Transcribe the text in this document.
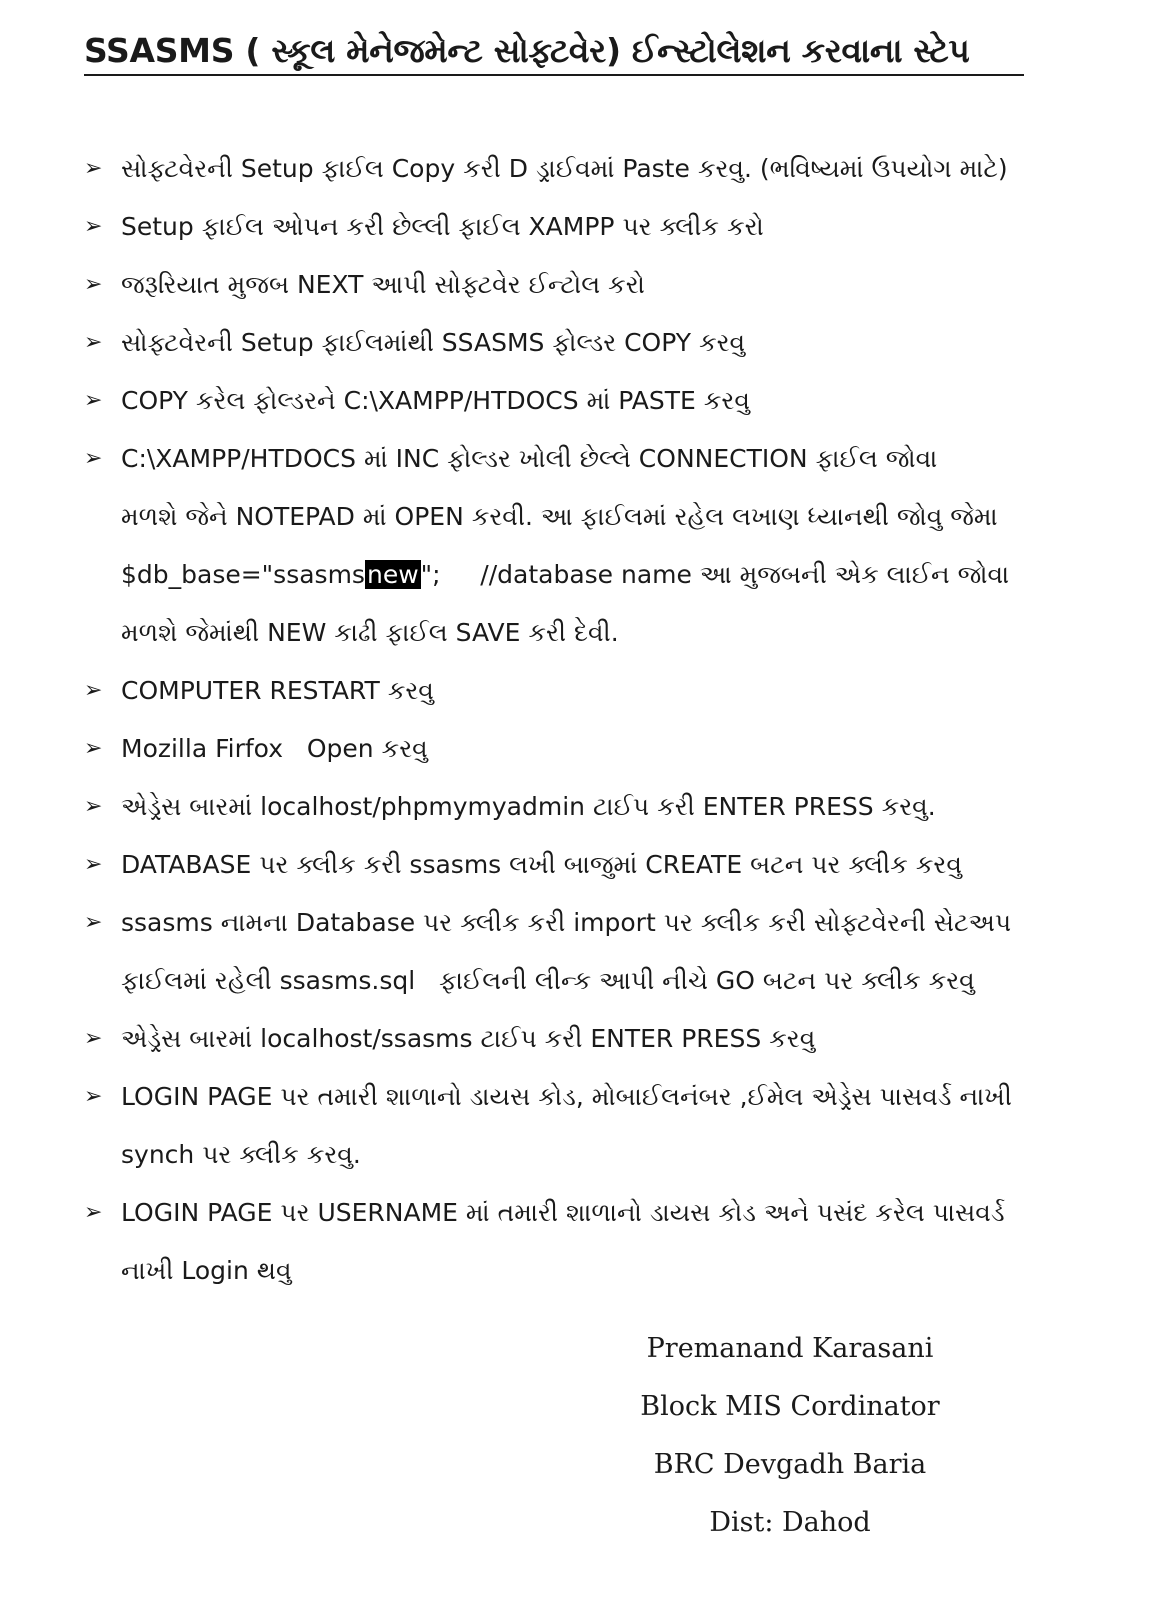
SSASMS ( સ્કૂલ મેનેજમેન્ટ સોફ્ટવેર) ઈન્સ્ટોલેશન કરવાના સ્ટેપ
➢ સોફ્ટવેરની Setup ફાઈલ Copy કરી D ડ્રાઈવમાં Paste કરવુ. (ભવિષ્યમાં ઉપયોગ માટે)
➢ Setup ફાઈલ ઓપન કરી છેલ્લી ફાઈલ XAMPP પર ક્લીક કરો
➢ જરૂરિયાત મુજબ NEXT આપી સોફ્ટવેર ઈન્ટોલ કરો
➢ સોફ્ટવેરની Setup ફાઈલમાંથી SSASMS ફોલ્ડર COPY કરવુ
➢ COPY કરેલ ફોલ્ડરને C:\XAMPP/HTDOCS માં PASTE કરવુ
➢ C:\XAMPP/HTDOCS માં INC ફોલ્ડર ખોલી છેલ્લે CONNECTION ફાઈલ જોવા
મળશે જેને NOTEPAD માં OPEN કરવી. આ ફાઈલમાં રહેલ લખાણ ધ્યાનથી જોવુ જેમા
$db_base="ssasmsnew";     //database name આ મુજબની એક લાઈન જોવા
મળશે જેમાંથી NEW કાઢી ફાઈલ SAVE કરી દેવી.
➢ COMPUTER RESTART કરવુ
➢ Mozilla Firfox   Open કરવુ
➢ એડ્રેસ બારમાં localhost/phpmymyadmin ટાઈપ કરી ENTER PRESS કરવુ.
➢ DATABASE પર ક્લીક કરી ssasms લખી બાજુમાં CREATE બટન પર ક્લીક કરવુ
➢ ssasms નામના Database પર ક્લીક કરી import પર ક્લીક કરી સોફ્ટવેરની સેટઅપ
ફાઈલમાં રહેલી ssasms.sql   ફાઈલની લીન્ક આપી નીચે GO બટન પર ક્લીક કરવુ
➢ એડ્રેસ બારમાં localhost/ssasms ટાઈપ કરી ENTER PRESS કરવુ
➢ LOGIN PAGE પર તમારી શાળાનો ડાયસ કોડ, મોબાઈલનંબર ,ઈમેલ એડ્રેસ પાસવર્ડ નાખી
synch પર ક્લીક કરવુ.
➢ LOGIN PAGE પર USERNAME માં તમારી શાળાનો ડાયસ કોડ અને પસંદ કરેલ પાસવર્ડ
નાખી Login થવુ
Premanand Karasani
Block MIS Cordinator
BRC Devgadh Baria
Dist: Dahod
